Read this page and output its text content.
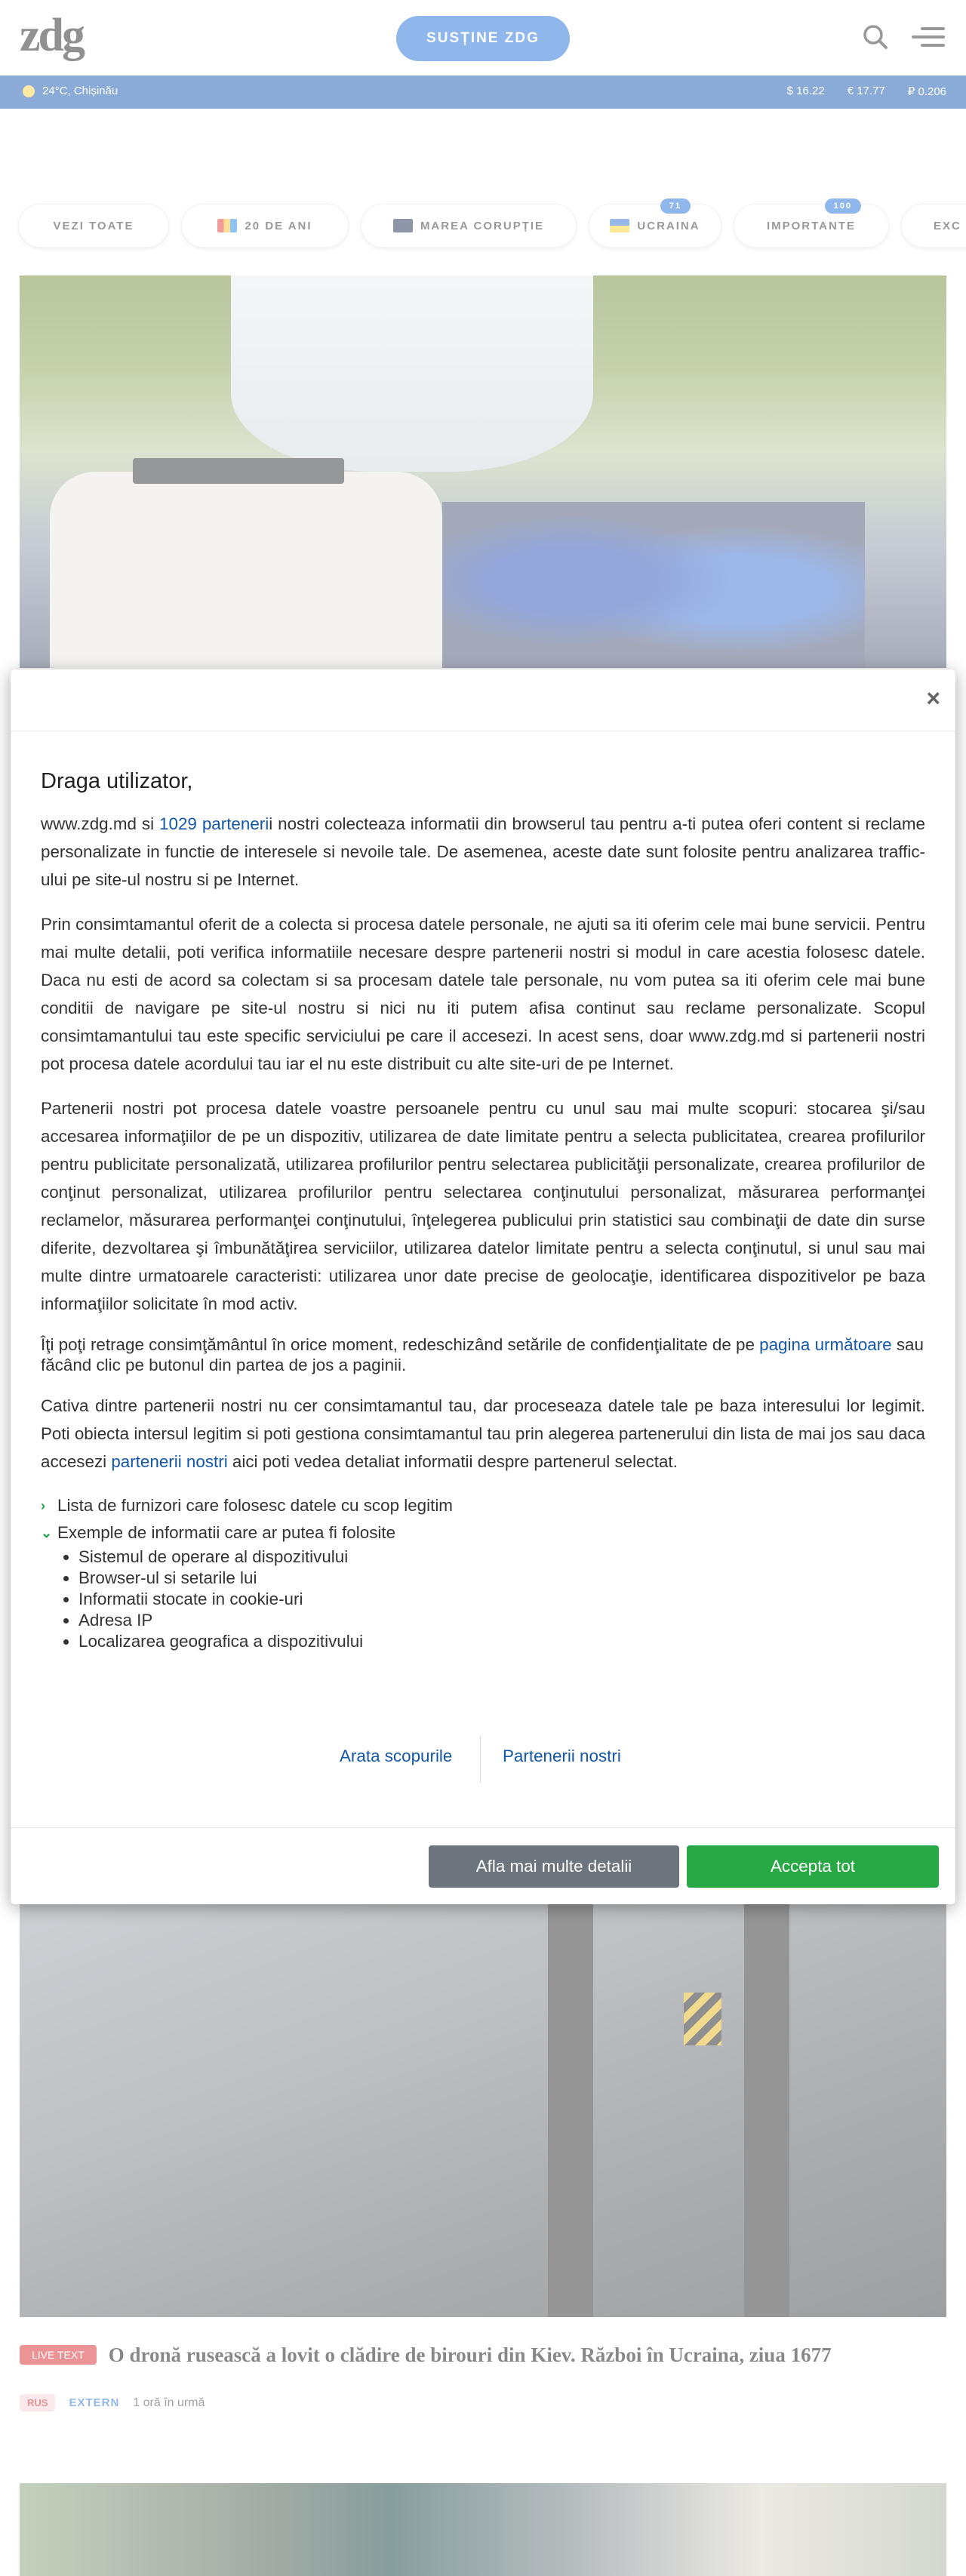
×
Draga utilizator,

www.zdg.md si 1029 partenerii nostri colecteaza informatii din browserul tau pentru a-ti putea oferi content si reclame personalizate in functie de interesele si nevoile tale. De asemenea, aceste date sunt folosite pentru analizarea traffic-ului pe site-ul nostru si pe Internet.

Prin consimtamantul oferit de a colecta si procesa datele personale, ne ajuti sa iti oferim cele mai bune servicii. Pentru mai multe detalii, poti verifica informatiile necesare despre partenerii nostri si modul in care acestia folosesc datele. Daca nu esti de acord sa colectam si sa procesam datele tale personale, nu vom putea sa iti oferim cele mai bune conditii de navigare pe site-ul nostru si nici nu iti putem afisa continut sau reclame personalizate. Scopul consimtamantului tau este specific serviciului pe care il accesezi. In acest sens, doar www.zdg.md si partenerii nostri pot procesa datele acordului tau iar el nu este distribuit cu alte site-uri de pe Internet.

Partenerii nostri pot procesa datele voastre persoanele pentru cu unul sau mai multe scopuri: stocarea şi/sau accesarea informaţiilor de pe un dispozitiv, utilizarea de date limitate pentru a selecta publicitatea, crearea profilurilor pentru publicitate personalizată, utilizarea profilurilor pentru selectarea publicităţii personalizate, crearea profilurilor de conţinut personalizat, utilizarea profilurilor pentru selectarea conţinutului personalizat, măsurarea performanţei reclamelor, măsurarea performanţei conţinutului, înţelegerea publicului prin statistici sau combinaţii de date din surse diferite, dezvoltarea şi îmbunătăţirea serviciilor, utilizarea datelor limitate pentru a selecta conţinutul, si unul sau mai multe dintre urmatoarele caracteristi: utilizarea unor date precise de geolocaţie, identificarea dispozitivelor pe baza informaţiilor solicitate în mod activ.

Îţi poţi retrage consimţământul în orice moment, redeschizând setările de confidenţialitate de pe pagina următoare sau făcând clic pe butonul din partea de jos a paginii.

Cativa dintre partenerii nostri nu cer consimtamantul tau, dar proceseaza datele tale pe baza interesului lor legimit. Poti obiecta intersul legitim si poti gestiona consimtamantul tau prin alegerea partenerului din lista de mai jos sau daca accesezi partenerii nostri aici poti vedea detaliat informatii despre partenerul selectat.

› Lista de furnizori care folosesc datele cu scop legitim
⌄ Exemple de informatii care ar putea fi folosite
• Sistemul de operare al dispozitivului
• Browser-ul si setarile lui
• Informatii stocate in cookie-uri
• Adresa IP
• Localizarea geografica a dispozitivului
Arata scopurile	Partenerii nostri
Afla mai multe detalii	Accepta tot
